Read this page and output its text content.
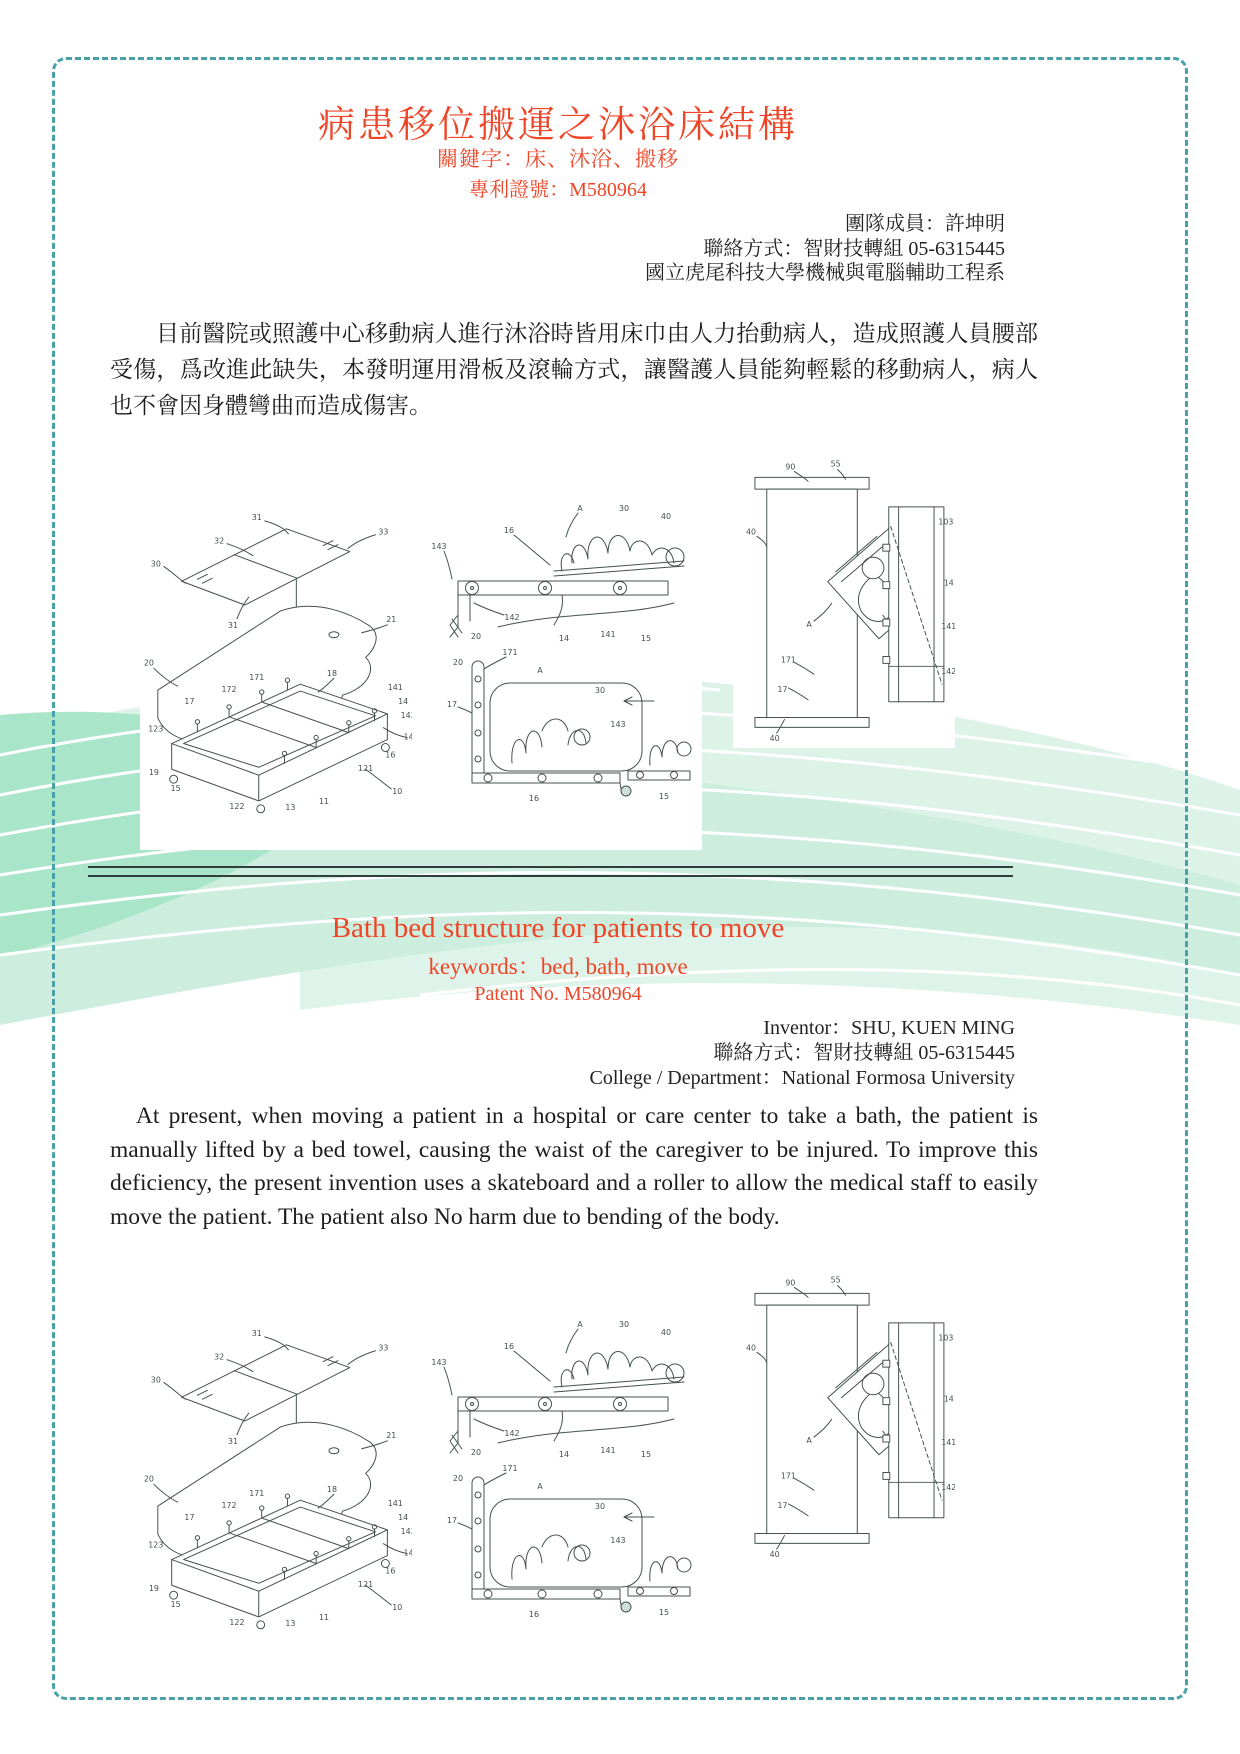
病患移位搬運之沐浴床結構
關鍵字：床、沐浴、搬移
專利證號：M580964
團隊成員：許坤明
聯絡方式：智財技轉組 05-6315445
國立虎尾科技大學機械與電腦輔助工程系
目前醫院或照護中心移動病人進行沐浴時皆用床巾由人力抬動病人，造成照護人員腰部受傷，爲改進此缺失，本發明運用滑板及滾輪方式，讓醫護人員能夠輕鬆的移動病人，病人也不會因身體彎曲而造成傷害。
Bath bed structure for patients to move
keywords：bed, bath, move
Patent No. M580964
Inventor：SHU, KUEN MING
聯絡方式：智財技轉組 05-6315445
College / Department：National Formosa University
At present, when moving a patient in a hospital or care center to take a bath, the patient is manually lifted by a bed towel, causing the waist of the caregiver to be injured. To improve this deficiency, the present invention uses a skateboard and a roller to allow the medical staff to easily move the patient. The patient also No harm due to bending of the body.
